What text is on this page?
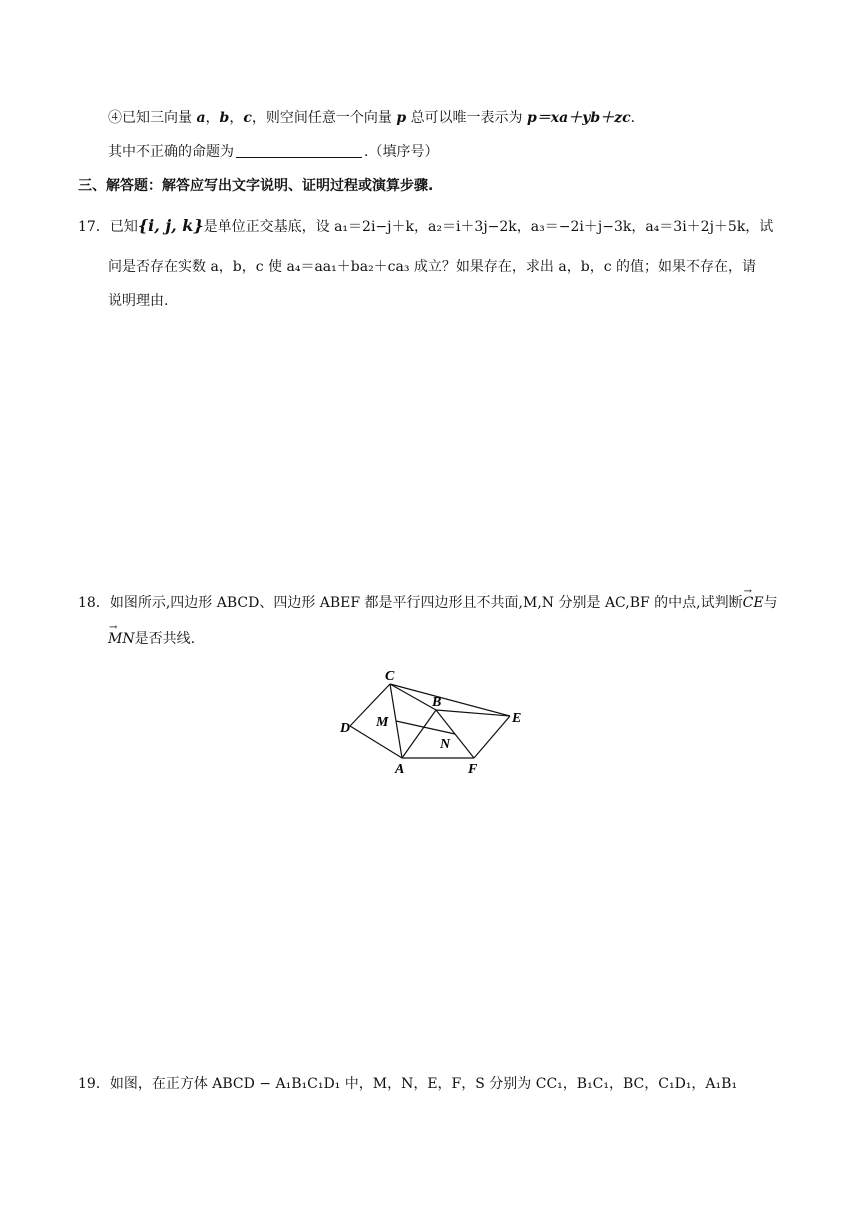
④已知三向量 a，b，c，则空间任意一个向量 p 总可以唯一表示为 p＝xa＋yb＋zc.
其中不正确的命题为	.（填序号）
三、解答题：解答应写出文字说明、证明过程或演算步骤.
17．已知{i, j, k}是单位正交基底，设 a₁＝2i−j＋k，a₂＝i＋3j−2k，a₃＝−2i＋j−3k，a₄＝3i＋2j＋5k，试
问是否存在实数 a，b，c 使 a₄＝aa₁＋ba₂＋ca₃ 成立？如果存在，求出 a，b，c 的值；如果不存在，请
说明理由.
18．如图所示,四边形 ABCD、四边形 ABEF 都是平行四边形且不共面,M,N 分别是 AC,BF 的中点,试判断→ CE与
→ MN是否共线.
C
B
M	E
D
N
A	F
19．如图，在正方体 ABCD − A₁B₁C₁D₁ 中，M，N，E，F，S 分别为 CC₁，B₁C₁，BC，C₁D₁，A₁B₁
